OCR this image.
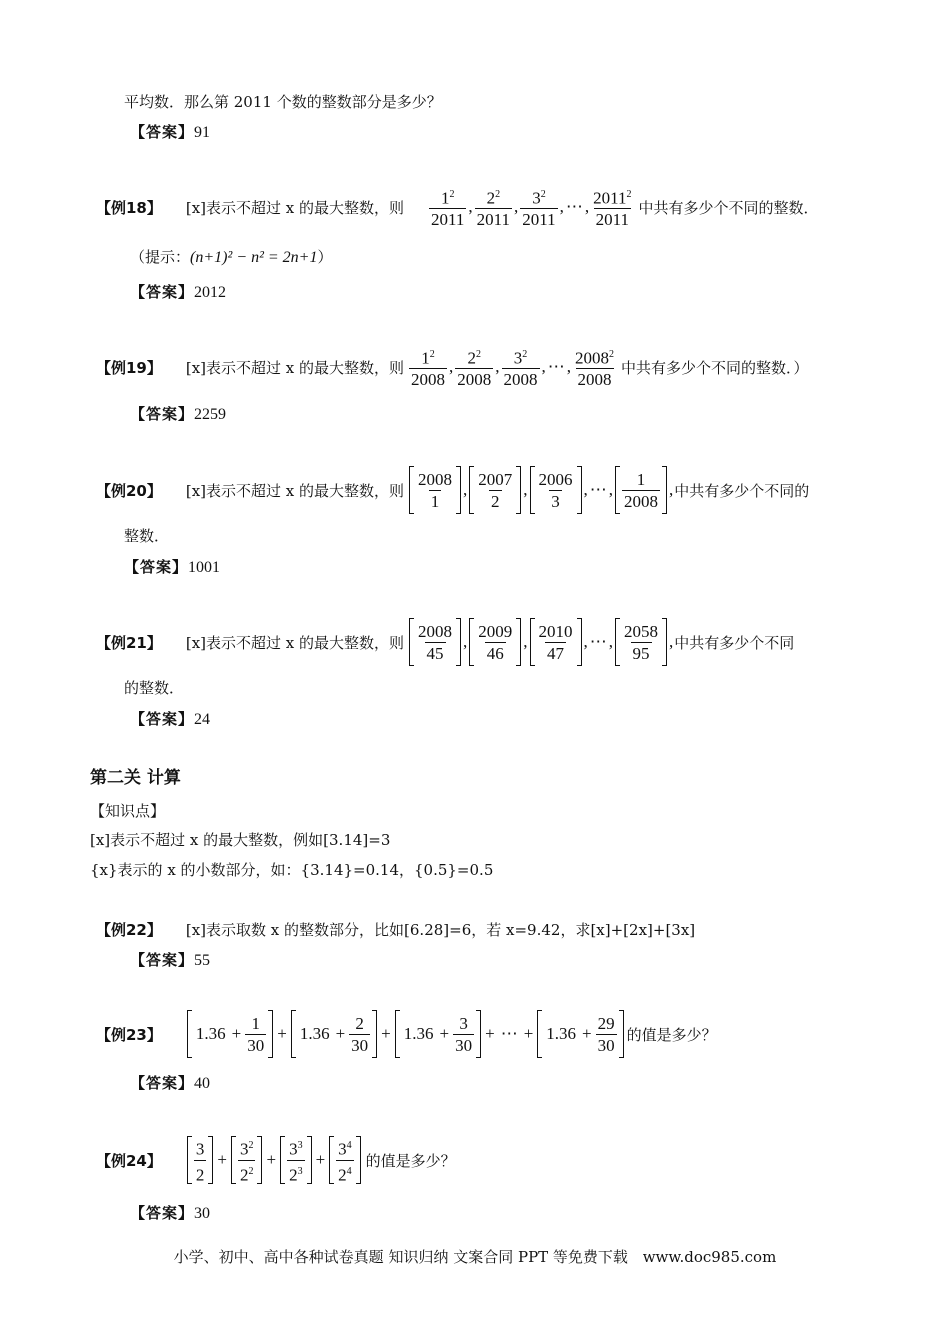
平均数．那么第 2011 个数的整数部分是多少？
【答案】91
【例18】 [x]表示不超过 x 的最大整数，则 $\frac{1^2}{2011}$ , $\frac{2^2}{2011}$ , $\frac{3^2}{2011}$ , ⋯ , $\frac{2011^2}{2011}$ 中共有多少个不同的整数．
（提示：(n+1)² − n² = 2n+1）
【答案】2012
【例19】 [x]表示不超过 x 的最大整数，则 $\frac{1^2}{2008}$ , $\frac{2^2}{2008}$ , $\frac{3^2}{2008}$ , ⋯ , $\frac{2008^2}{2008}$ 中共有多少个不同的整数．）
【答案】2259
【例20】 [x]表示不超过 x 的最大整数，则 $\frac{2008}{1}$ , $\frac{2007}{2}$ , $\frac{2006}{3}$ , ⋯ , $\frac{1}{2008}$ , 中共有多少个不同的
整数．
【答案】1001
【例21】 [x]表示不超过 x 的最大整数，则 $\frac{2008}{45}$ , $\frac{2009}{46}$ , $\frac{2010}{47}$ , ⋯ , $\frac{2058}{95}$ , 中共有多少个不同
的整数．
【答案】24
第二关 计算
【知识点】
[x]表示不超过 x 的最大整数，例如[3.14]=3
{x}表示的 x 的小数部分，如：{3.14}=0.14，{0.5}=0.5
【例22】 [x]表示取数 x 的整数部分，比如[6.28]=6，若 x=9.42，求[x]+[2x]+[3x]
【答案】55
【例23】 $1.36 + \frac{1}{30} + 1.36 + \frac{2}{30} + 1.36 + \frac{3}{30}$ + ⋯ + $1.36 + \frac{29}{30}$ 的值是多少？
【答案】40
【例24】 $\frac{3}{2} + \frac{3^2}{2^2} + \frac{3^3}{2^3} + \frac{3^4}{2^4}$ 的值是多少？
【答案】30
小学、初中、高中各种试卷真题 知识归纳 文案合同 PPT 等免费下载 www.doc985.com
